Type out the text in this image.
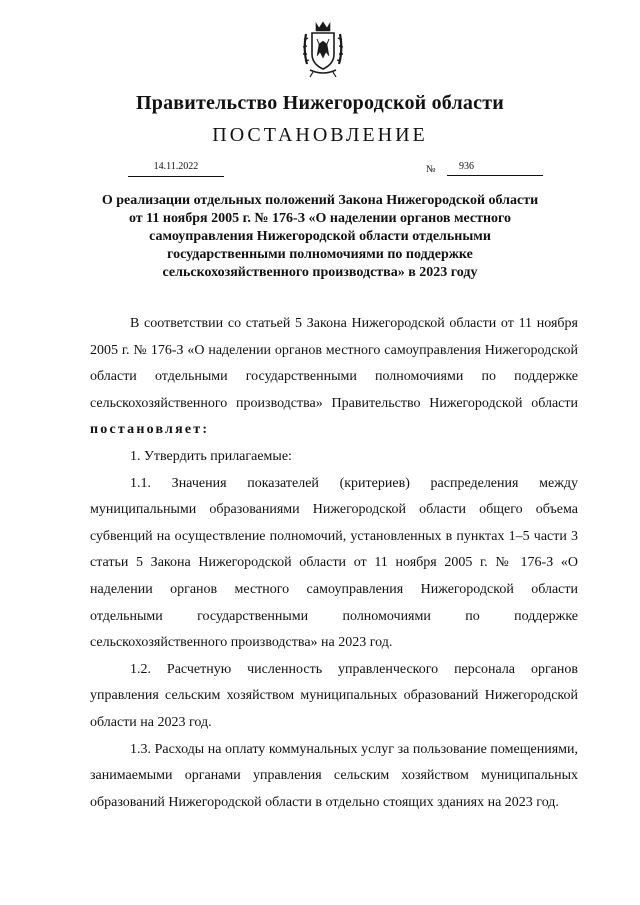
Правительство Нижегородской области
ПОСТАНОВЛЕНИЕ
14.11.2022	№	936
О реализации отдельных положений Закона Нижегородской области от 11 ноября 2005 г. № 176-З «О наделении органов местного самоуправления Нижегородской области отдельными государственными полномочиями по поддержке сельскохозяйственного производства» в 2023 году

В соответствии со статьей 5 Закона Нижегородской области от 11 ноября 2005 г. № 176-З «О наделении органов местного самоуправления Нижегородской области отдельными государственными полномочиями по поддержке сельскохозяйственного производства» Правительство Нижегородской области постановляет:

1. Утвердить прилагаемые:

1.1. Значения показателей (критериев) распределения между муниципальными образованиями Нижегородской области общего объема субвенций на осуществление полномочий, установленных в пунктах 1–5 части 3 статьи 5 Закона Нижегородской области от 11 ноября 2005 г. № 176-З «О наделении органов местного самоуправления Нижегородской области отдельными государственными полномочиями по поддержке сельскохозяйственного производства» на 2023 год.

1.2. Расчетную численность управленческого персонала органов управления сельским хозяйством муниципальных образований Нижегородской области на 2023 год.

1.3. Расходы на оплату коммунальных услуг за пользование помещениями, занимаемыми органами управления сельским хозяйством муниципальных образований Нижегородской области в отдельно стоящих зданиях на 2023 год.
